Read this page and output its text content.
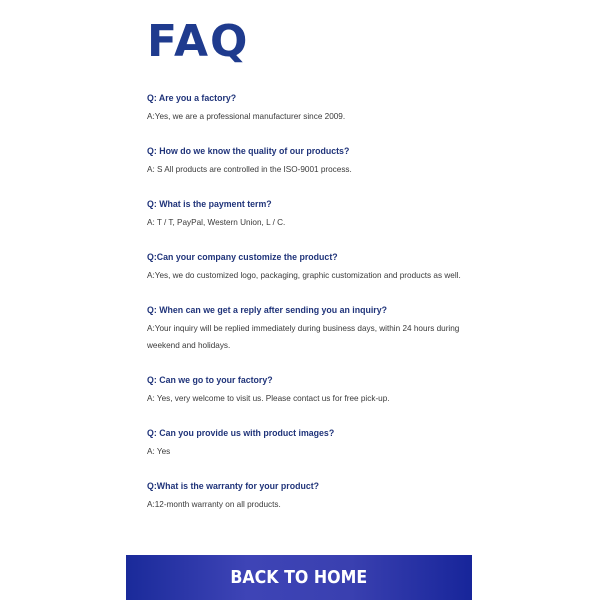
FAQ
Q: Are you a factory?
A:Yes, we are a professional manufacturer since 2009.
Q: How do we know the quality of our products?
A: S All products are controlled in the ISO-9001 process.
Q: What is the payment term?
A: T / T, PayPal, Western Union, L / C.
Q:Can your company customize the product?
A:Yes, we do customized logo, packaging, graphic customization and products as well.
Q: When can we get a reply after sending you an inquiry?
A:Your inquiry will be replied immediately during business days, within 24 hours during weekend and holidays.
Q: Can we go to your factory?
A: Yes, very welcome to visit us. Please contact us for free pick-up.
Q: Can you provide us with product images?
A: Yes
Q:What is the warranty for your product?
A:12-month warranty on all products.
BACK TO HOME
